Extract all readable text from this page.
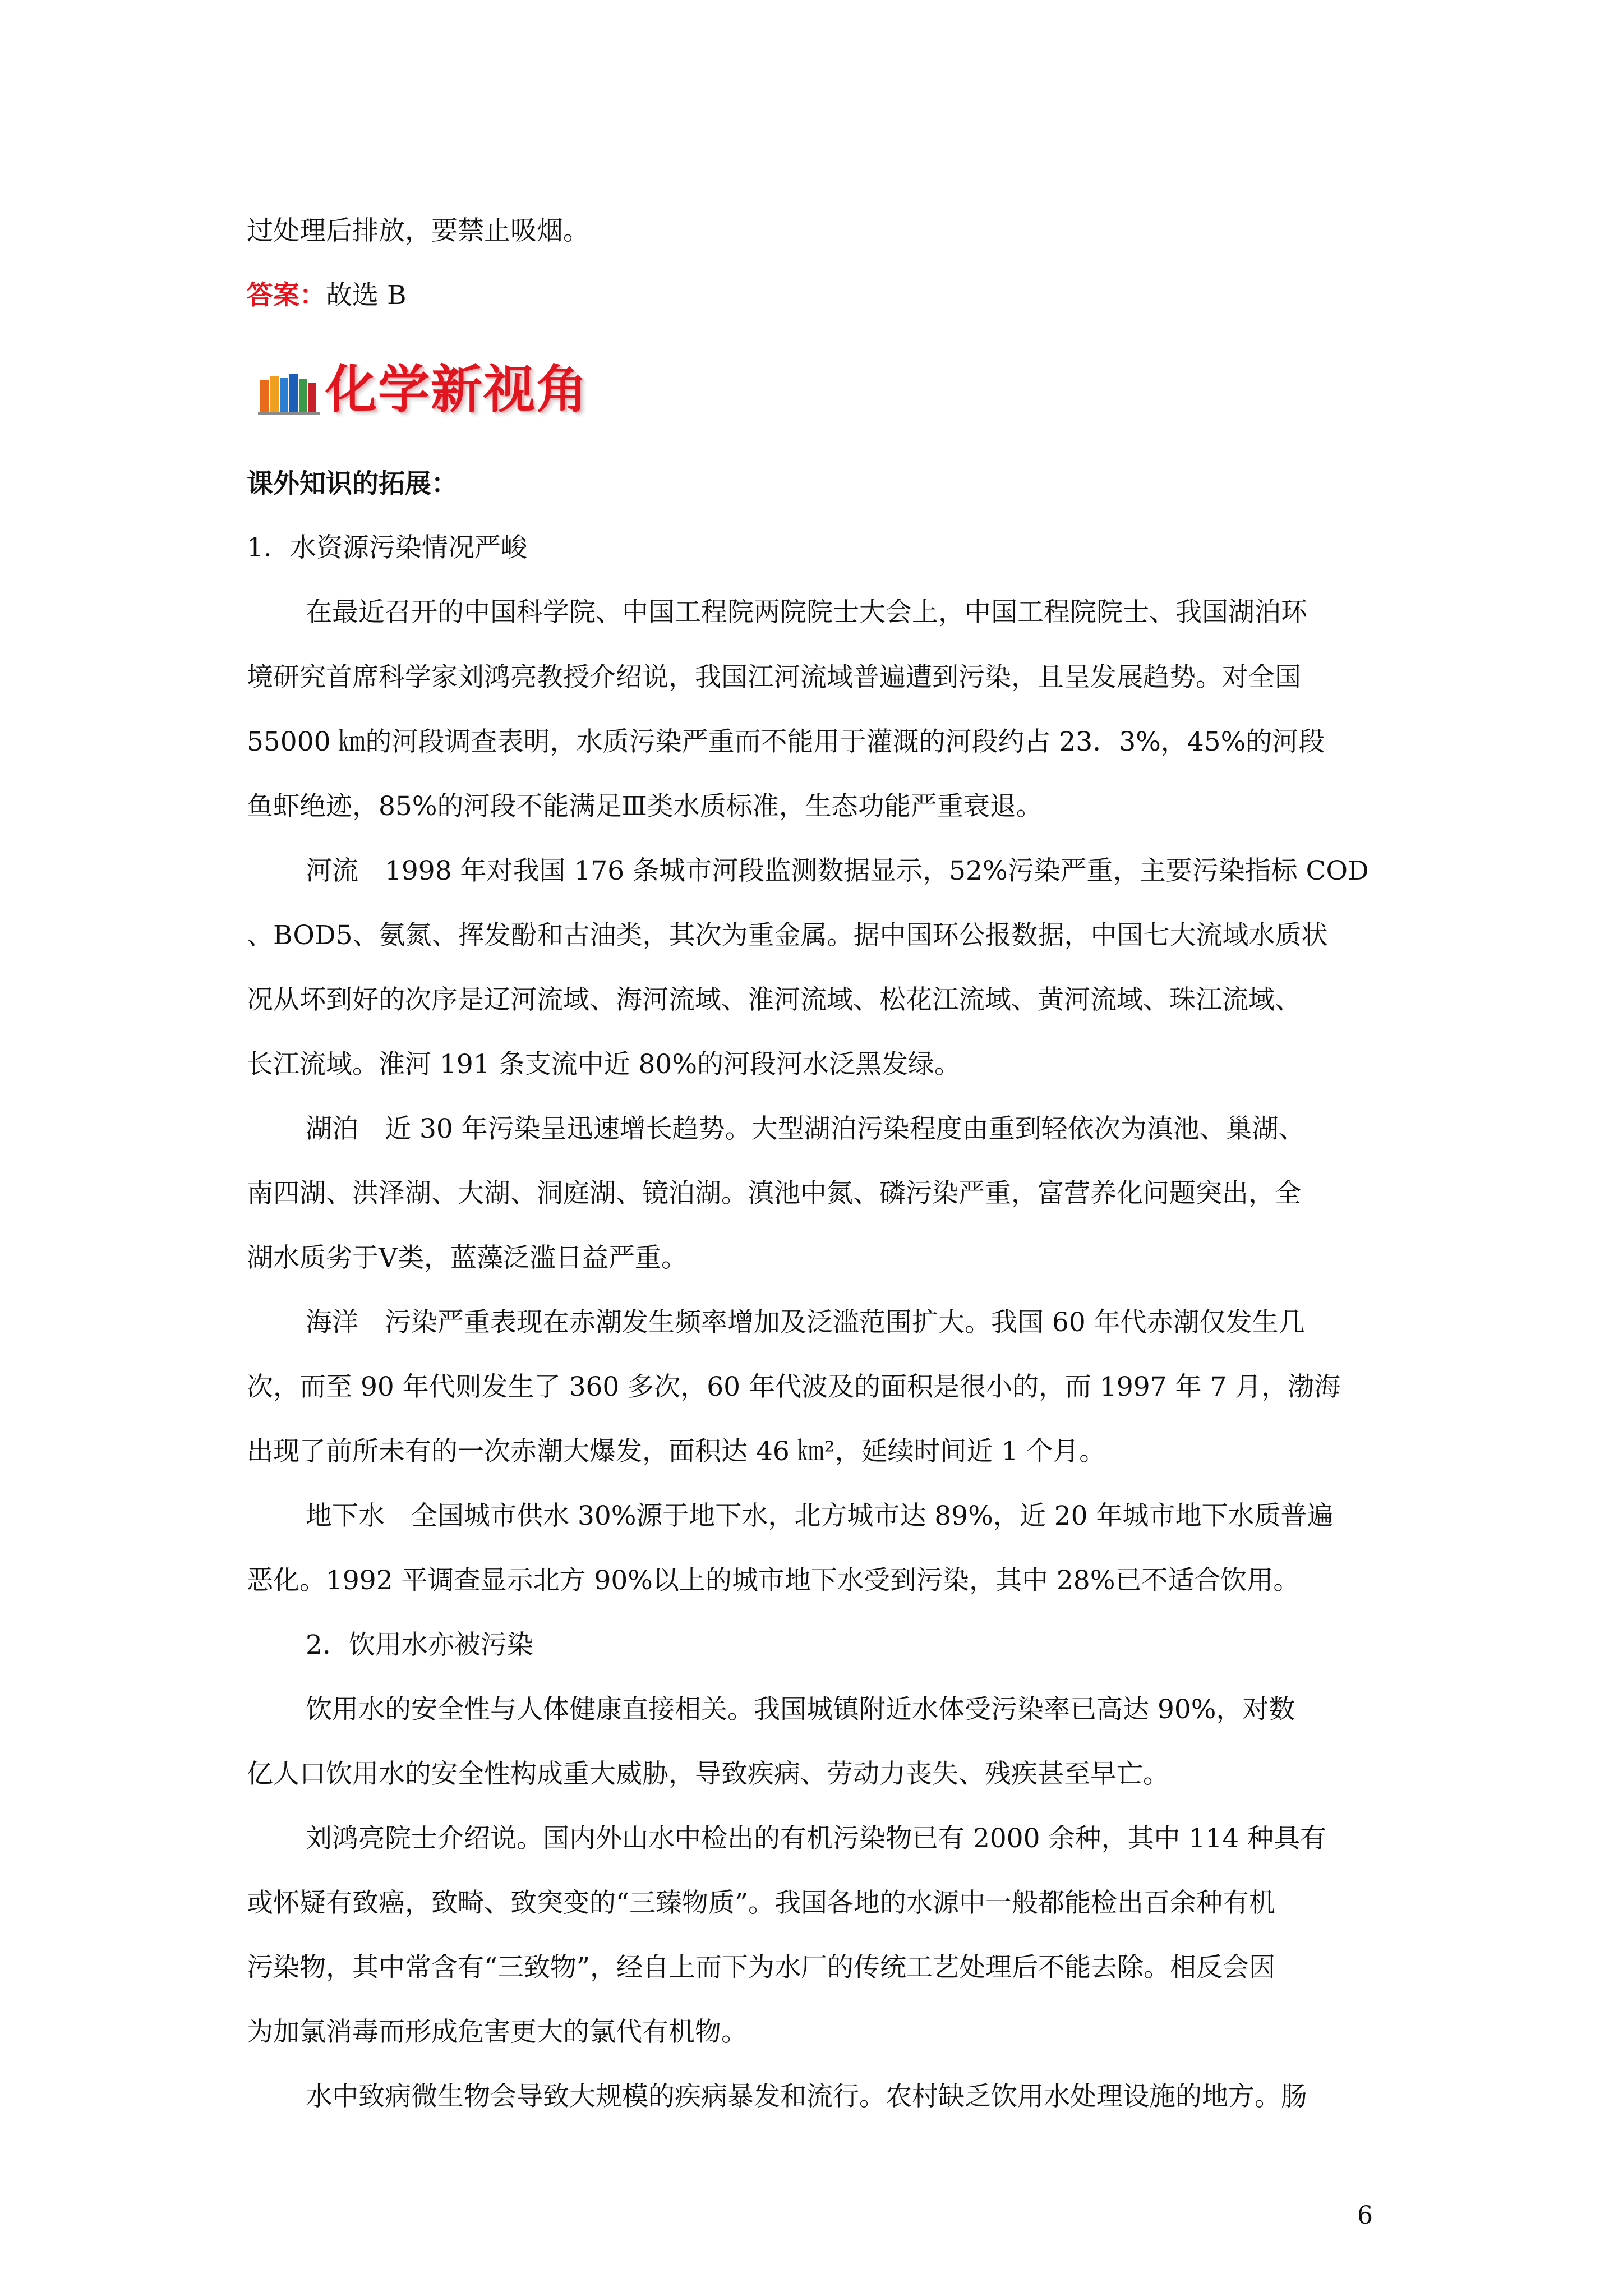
过处理后排放，要禁止吸烟。
答案：故选 B
化学新视角
课外知识的拓展：
1．水资源污染情况严峻
在最近召开的中国科学院、中国工程院两院院士大会上，中国工程院院士、我国湖泊环
境研究首席科学家刘鸿亮教授介绍说，我国江河流域普遍遭到污染，且呈发展趋势。对全国
55000 ㎞的河段调查表明，水质污染严重而不能用于灌溉的河段约占 23．3%，45%的河段
鱼虾绝迹，85%的河段不能满足Ⅲ类水质标准，生态功能严重衰退。
河流　1998 年对我国 176 条城市河段监测数据显示，52%污染严重，主要污染指标 COD
、BOD5、氨氮、挥发酚和古油类，其次为重金属。据中国环公报数据，中国七大流域水质状
况从坏到好的次序是辽河流域、海河流域、淮河流域、松花江流域、黄河流域、珠江流域、
长江流域。淮河 191 条支流中近 80%的河段河水泛黑发绿。
湖泊　近 30 年污染呈迅速增长趋势。大型湖泊污染程度由重到轻依次为滇池、巢湖、
南四湖、洪泽湖、大湖、洞庭湖、镜泊湖。滇池中氮、磷污染严重，富营养化问题突出，全
湖水质劣于Ⅴ类，蓝藻泛滥日益严重。
海洋　污染严重表现在赤潮发生频率增加及泛滥范围扩大。我国 60 年代赤潮仅发生几
次，而至 90 年代则发生了 360 多次，60 年代波及的面积是很小的，而 1997 年 7 月，渤海
出现了前所未有的一次赤潮大爆发，面积达 46 ㎞²，延续时间近 1 个月。
地下水　全国城市供水 30%源于地下水，北方城市达 89%，近 20 年城市地下水质普遍
恶化。1992 平调查显示北方 90%以上的城市地下水受到污染，其中 28%已不适合饮用。
2．饮用水亦被污染
饮用水的安全性与人体健康直接相关。我国城镇附近水体受污染率已高达 90%，对数
亿人口饮用水的安全性构成重大威胁，导致疾病、劳动力丧失、残疾甚至早亡。
刘鸿亮院士介绍说。国内外山水中检出的有机污染物已有 2000 余种，其中 114 种具有
或怀疑有致癌，致畸、致突变的“三臻物质”。我国各地的水源中一般都能检出百余种有机
污染物，其中常含有“三致物”，经自上而下为水厂的传统工艺处理后不能去除。相反会因
为加氯消毒而形成危害更大的氯代有机物。
水中致病微生物会导致大规模的疾病暴发和流行。农村缺乏饮用水处理设施的地方。肠
6
